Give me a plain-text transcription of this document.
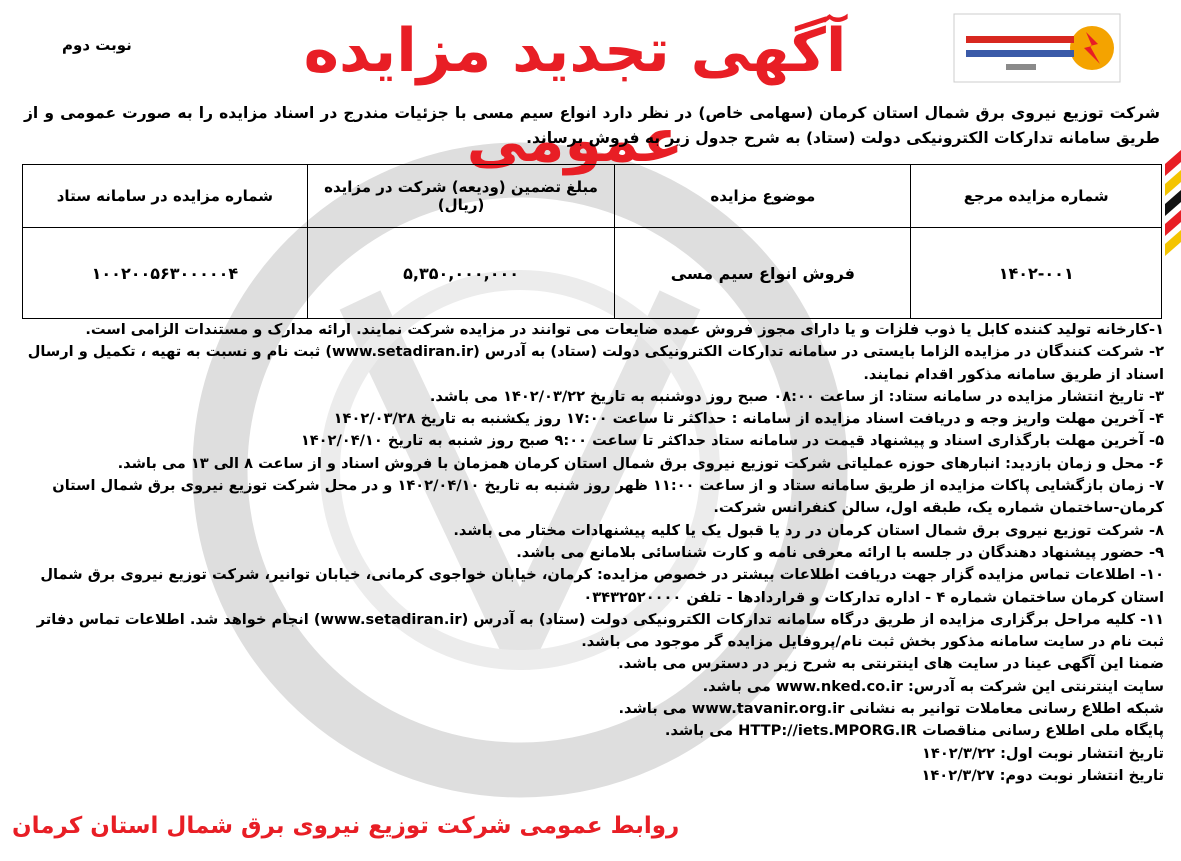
نوبت دوم	آگهی تجدید مزایده عمومی
شرکت توزیع نیروی برق شمال استان کرمان (سهامی خاص) در نظر دارد انواع سیم مسی با جزئیات مندرج در اسناد مزایده را به صورت عمومی و از طریق سامانه تدارکات الکترونیکی دولت (ستاد) به شرح جدول زیر به فروش برساند.
شماره مزایده مرجع	موضوع مزایده	مبلغ تضمین (ودیعه) شرکت در مزایده (ریال)	شماره مزایده در سامانه ستاد
۱۴۰۲-۰۰۱	فروش انواع سیم مسی	۵,۳۵۰,۰۰۰,۰۰۰	۱۰۰۲۰۰۵۶۳۰۰۰۰۰۴

۱-کارخانه تولید کننده کابل یا ذوب فلزات و یا دارای مجوز فروش عمده ضایعات می توانند در مزایده شرکت نمایند. ارائه مدارک و مستندات الزامی است.

۲- شرکت کنندگان در مزایده الزاما بایستی در سامانه تدارکات الکترونیکی دولت (ستاد) به آدرس (www.setadiran.ir) ثبت نام و نسبت به تهیه ، تکمیل و ارسال اسناد از طریق سامانه مذکور اقدام نمایند.

۳- تاریخ انتشار مزایده در سامانه ستاد: از ساعت ۰۸:۰۰ صبح روز دوشنبه به تاریخ ۱۴۰۲/۰۳/۲۲ می باشد.

۴- آخرین مهلت واریز وجه و دریافت اسناد مزایده از سامانه : حداکثر تا ساعت ۱۷:۰۰ روز یکشنبه به تاریخ ۱۴۰۲/۰۳/۲۸

۵- آخرین مهلت بارگذاری اسناد و پیشنهاد قیمت در سامانه ستاد حداکثر تا ساعت ۹:۰۰ صبح روز شنبه به تاریخ ۱۴۰۲/۰۴/۱۰

۶- محل و زمان بازدید: انبارهای حوزه عملیاتی شرکت توزیع نیروی برق شمال استان کرمان همزمان با فروش اسناد و از ساعت ۸ الی ۱۳ می باشد.

۷- زمان بازگشایی پاکات مزایده از طریق سامانه ستاد و از ساعت ۱۱:۰۰ ظهر روز شنبه به تاریخ ۱۴۰۲/۰۴/۱۰ و در محل شرکت توزیع نیروی برق شمال استان کرمان-ساختمان شماره یک، طبقه اول، سالن کنفرانس شرکت.

۸- شرکت توزیع نیروی برق شمال استان کرمان در رد یا قبول یک یا کلیه پیشنهادات مختار می باشد.

۹- حضور پیشنهاد دهندگان در جلسه با ارائه معرفی نامه و کارت شناسائی بلامانع می باشد.

۱۰- اطلاعات تماس مزایده گزار جهت دریافت اطلاعات بیشتر در خصوص مزایده: کرمان، خیابان خواجوی کرمانی، خیابان توانیر، شرکت توزیع نیروی برق شمال استان کرمان ساختمان شماره ۴ - اداره تدارکات و قراردادها - تلفن ۰۳۴۳۲۵۲۰۰۰۰

۱۱- کلیه مراحل برگزاری مزایده از طریق درگاه سامانه تدارکات الکترونیکی دولت (ستاد) به آدرس (www.setadiran.ir) انجام خواهد شد. اطلاعات تماس دفاتر ثبت نام در سایت سامانه مذکور بخش ثبت نام/پروفایل مزایده گر موجود می باشد.

ضمنا این آگهی عینا در سایت های اینترنتی به شرح زیر در دسترس می باشد.

سایت اینترنتی این شرکت به آدرس: www.nked.co.ir می باشد.

شبکه اطلاع رسانی معاملات توانیر به نشانی www.tavanir.org.ir می باشد.

پایگاه ملی اطلاع رسانی مناقصات HTTP://iets.MPORG.IR می باشد.

تاریخ انتشار نوبت اول: ۱۴۰۲/۳/۲۲

تاریخ انتشار نوبت دوم: ۱۴۰۲/۳/۲۷

روابط عمومی شرکت توزیع نیروی برق شمال استان کرمان
